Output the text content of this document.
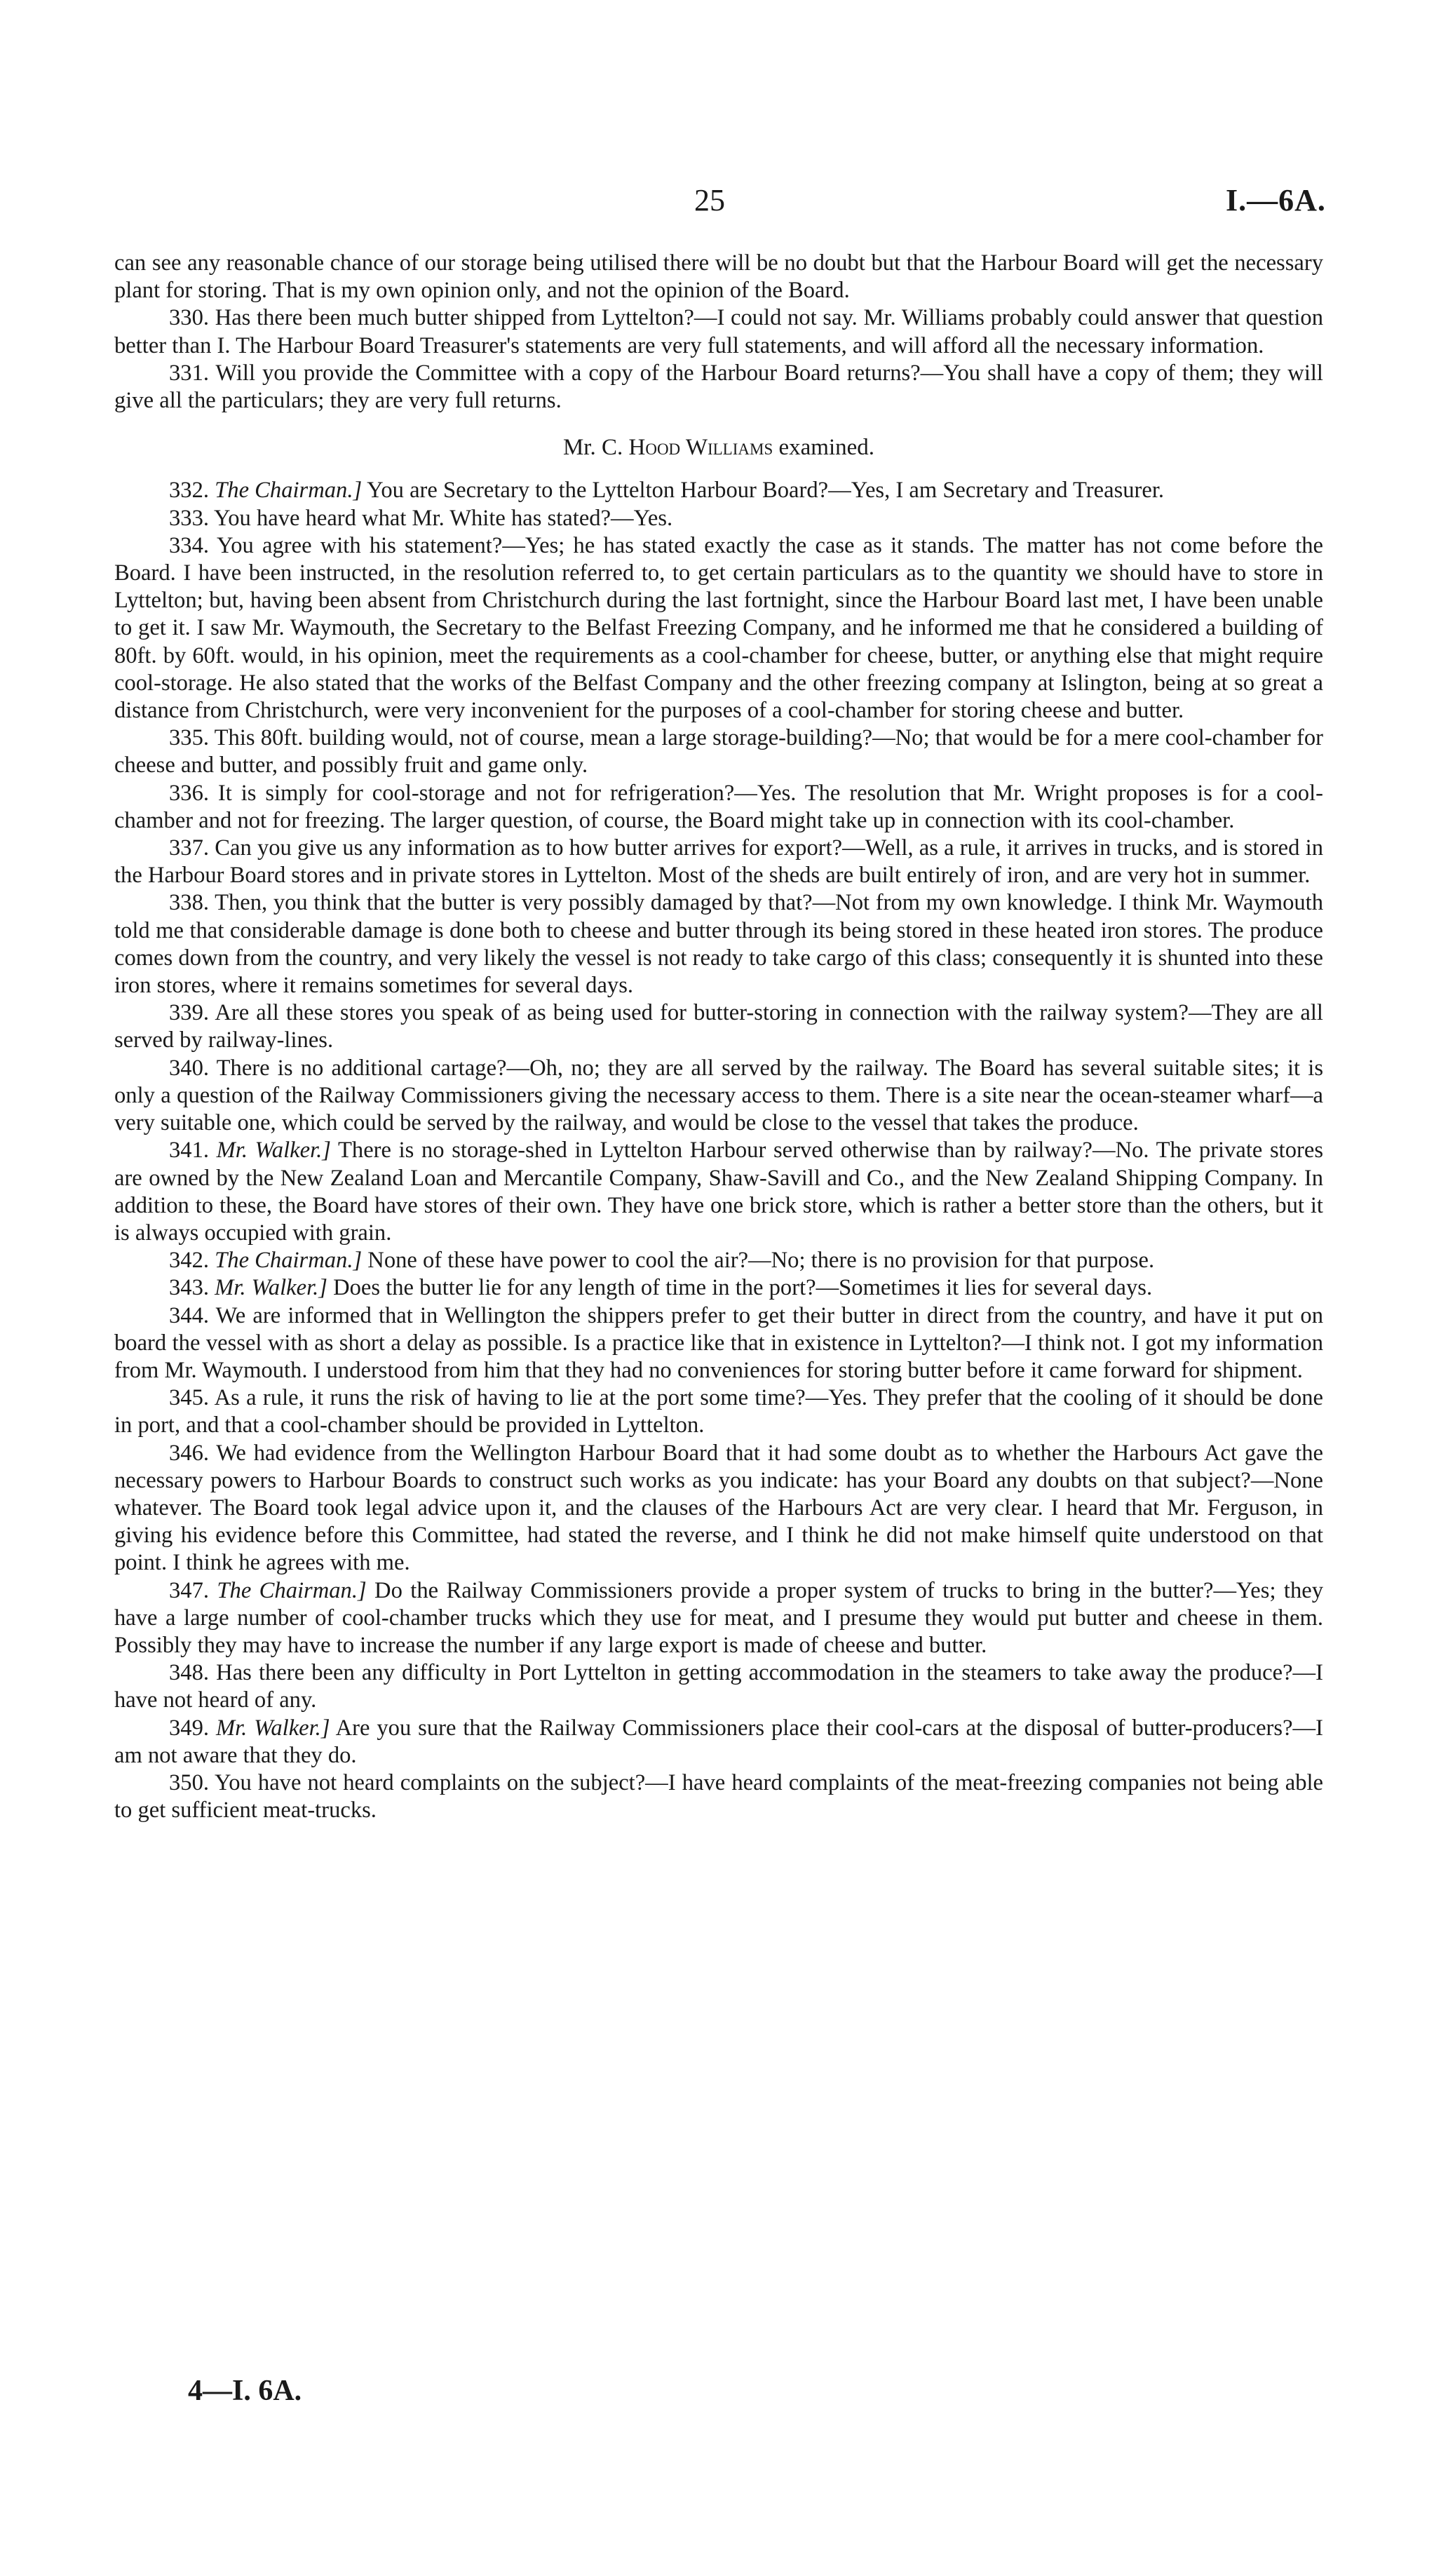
25	I.—6A.

can see any reasonable chance of our storage being utilised there will be no doubt but that the Harbour Board will get the necessary plant for storing. That is my own opinion only, and not the opinion of the Board.

330. Has there been much butter shipped from Lyttelton?—I could not say. Mr. Williams probably could answer that question better than I. The Harbour Board Treasurer's statements are very full statements, and will afford all the necessary information.

331. Will you provide the Committee with a copy of the Harbour Board returns?—You shall have a copy of them; they will give all the particulars; they are very full returns.

Mr. C. Hood Williams examined.

332. The Chairman.] You are Secretary to the Lyttelton Harbour Board?—Yes, I am Secretary and Treasurer.

333. You have heard what Mr. White has stated?—Yes.

334. You agree with his statement?—Yes; he has stated exactly the case as it stands. The matter has not come before the Board. I have been instructed, in the resolution referred to, to get certain particulars as to the quantity we should have to store in Lyttelton; but, having been absent from Christchurch during the last fortnight, since the Harbour Board last met, I have been unable to get it. I saw Mr. Waymouth, the Secretary to the Belfast Freezing Company, and he informed me that he considered a building of 80ft. by 60ft. would, in his opinion, meet the requirements as a cool-chamber for cheese, butter, or anything else that might require cool-storage. He also stated that the works of the Belfast Company and the other freezing company at Islington, being at so great a distance from Christchurch, were very inconvenient for the purposes of a cool-chamber for storing cheese and butter.

335. This 80ft. building would, not of course, mean a large storage-building?—No; that would be for a mere cool-chamber for cheese and butter, and possibly fruit and game only.

336. It is simply for cool-storage and not for refrigeration?—Yes. The resolution that Mr. Wright proposes is for a cool-chamber and not for freezing. The larger question, of course, the Board might take up in connection with its cool-chamber.

337. Can you give us any information as to how butter arrives for export?—Well, as a rule, it arrives in trucks, and is stored in the Harbour Board stores and in private stores in Lyttelton. Most of the sheds are built entirely of iron, and are very hot in summer.

338. Then, you think that the butter is very possibly damaged by that?—Not from my own knowledge. I think Mr. Waymouth told me that considerable damage is done both to cheese and butter through its being stored in these heated iron stores. The produce comes down from the country, and very likely the vessel is not ready to take cargo of this class; consequently it is shunted into these iron stores, where it remains sometimes for several days.

339. Are all these stores you speak of as being used for butter-storing in connection with the railway system?—They are all served by railway-lines.

340. There is no additional cartage?—Oh, no; they are all served by the railway. The Board has several suitable sites; it is only a question of the Railway Commissioners giving the necessary access to them. There is a site near the ocean-steamer wharf—a very suitable one, which could be served by the railway, and would be close to the vessel that takes the produce.

341. Mr. Walker.] There is no storage-shed in Lyttelton Harbour served otherwise than by railway?—No. The private stores are owned by the New Zealand Loan and Mercantile Company, Shaw-Savill and Co., and the New Zealand Shipping Company. In addition to these, the Board have stores of their own. They have one brick store, which is rather a better store than the others, but it is always occupied with grain.

342. The Chairman.] None of these have power to cool the air?—No; there is no provision for that purpose.

343. Mr. Walker.] Does the butter lie for any length of time in the port?—Sometimes it lies for several days.

344. We are informed that in Wellington the shippers prefer to get their butter in direct from the country, and have it put on board the vessel with as short a delay as possible. Is a practice like that in existence in Lyttelton?—I think not. I got my information from Mr. Waymouth. I understood from him that they had no conveniences for storing butter before it came forward for shipment.

345. As a rule, it runs the risk of having to lie at the port some time?—Yes. They prefer that the cooling of it should be done in port, and that a cool-chamber should be provided in Lyttelton.

346. We had evidence from the Wellington Harbour Board that it had some doubt as to whether the Harbours Act gave the necessary powers to Harbour Boards to construct such works as you indicate: has your Board any doubts on that subject?—None whatever. The Board took legal advice upon it, and the clauses of the Harbours Act are very clear. I heard that Mr. Ferguson, in giving his evidence before this Committee, had stated the reverse, and I think he did not make himself quite understood on that point. I think he agrees with me.

347. The Chairman.] Do the Railway Commissioners provide a proper system of trucks to bring in the butter?—Yes; they have a large number of cool-chamber trucks which they use for meat, and I presume they would put butter and cheese in them. Possibly they may have to increase the number if any large export is made of cheese and butter.

348. Has there been any difficulty in Port Lyttelton in getting accommodation in the steamers to take away the produce?—I have not heard of any.

349. Mr. Walker.] Are you sure that the Railway Commissioners place their cool-cars at the disposal of butter-producers?—I am not aware that they do.

350. You have not heard complaints on the subject?—I have heard complaints of the meat-freezing companies not being able to get sufficient meat-trucks.

4—I. 6A.
